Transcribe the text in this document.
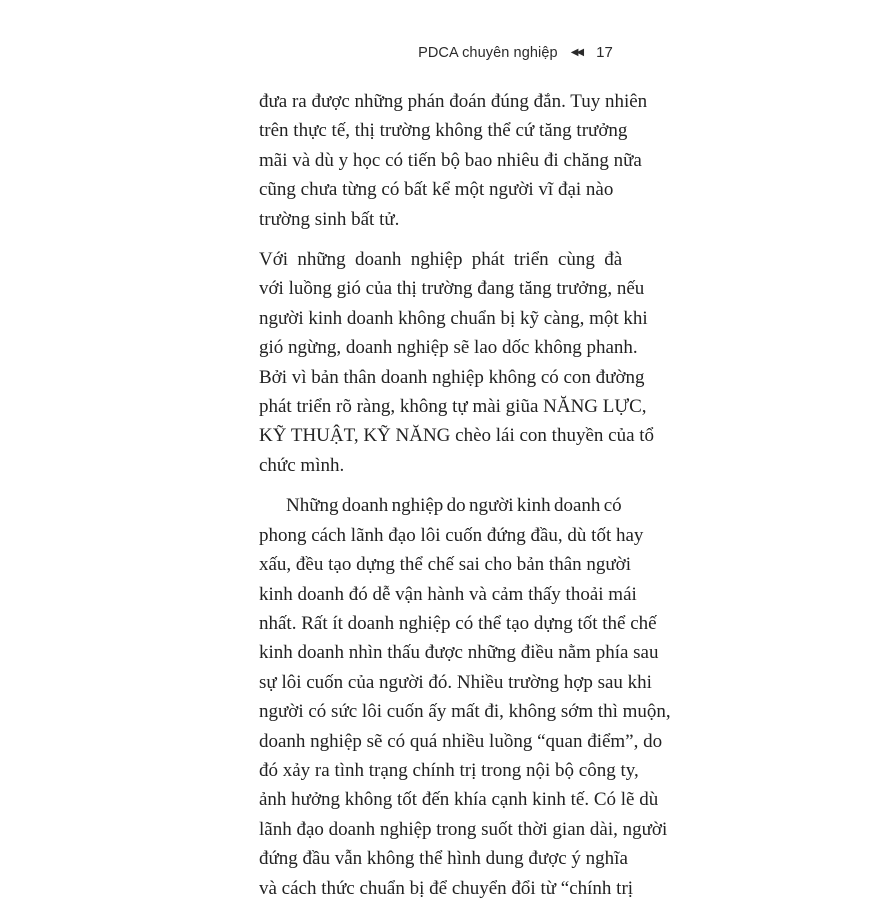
PDCA chuyên nghiệp ◀◀ 17
đưa ra được những phán đoán đúng đắn. Tuy nhiên trên thực tế, thị trường không thể cứ tăng trưởng mãi và dù y học có tiến bộ bao nhiêu đi chăng nữa cũng chưa từng có bất kể một người vĩ đại nào
trường sinh bất tử.
Với những doanh nghiệp phát triển cùng đà
với luồng gió của thị trường đang tăng trưởng, nếu người kinh doanh không chuẩn bị kỹ càng, một khi gió ngừng, doanh nghiệp sẽ lao dốc không phanh. Bởi vì bản thân doanh nghiệp không có con đường phát triển rõ ràng, không tự mài giũa NĂNG LỰC, KỸ THUẬT, KỸ NĂNG chèo lái con thuyền của tổ
chức mình.
Những doanh nghiệp do người kinh doanh có
phong cách lãnh đạo lôi cuốn đứng đầu, dù tốt hay xấu, đều tạo dựng thể chế sai cho bản thân người kinh doanh đó dễ vận hành và cảm thấy thoải mái nhất. Rất ít doanh nghiệp có thể tạo dựng tốt thể chế kinh doanh nhìn thấu được những điều nằm phía sau sự lôi cuốn của người đó. Nhiều trường hợp sau khi người có sức lôi cuốn ấy mất đi, không sớm thì muộn, doanh nghiệp sẽ có quá nhiều luồng “quan điểm”, do đó xảy ra tình trạng chính trị trong nội bộ công ty, ảnh hưởng không tốt đến khía cạnh kinh tế. Có lẽ dù lãnh đạo doanh nghiệp trong suốt thời gian dài, người đứng đầu vẫn không thể hình dung được ý nghĩa và cách thức chuẩn bị để chuyển đổi từ “chính trị
